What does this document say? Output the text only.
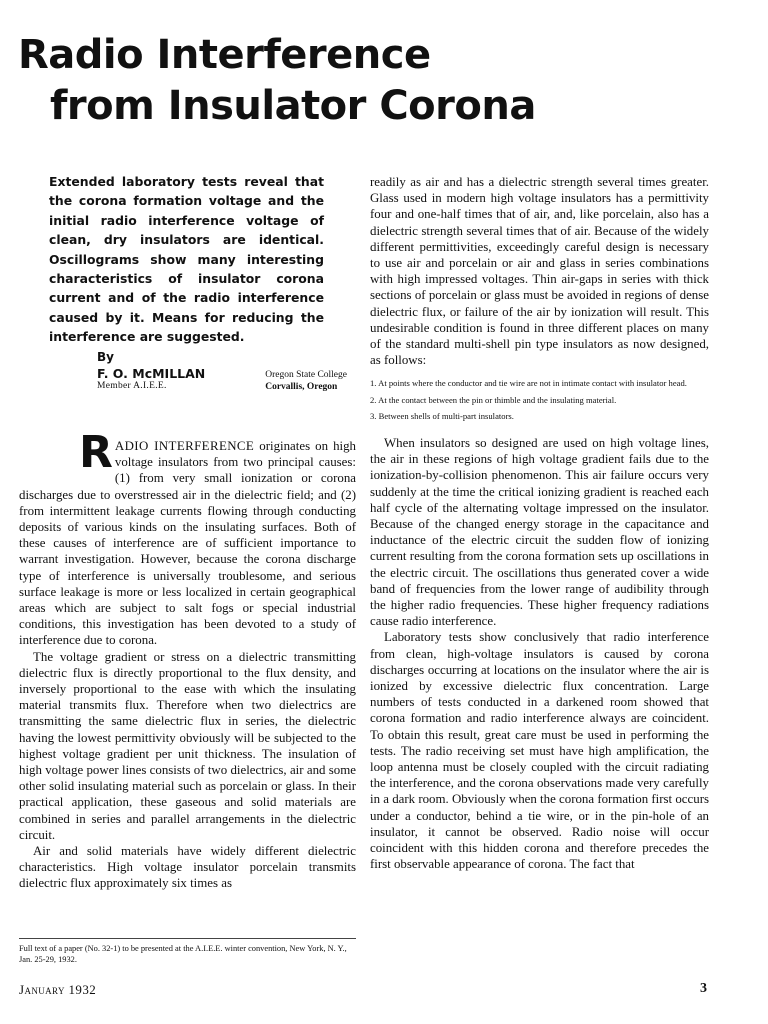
Radio Interference
from Insulator Corona

Extended laboratory tests reveal that the corona formation voltage and the initial radio interference voltage of clean, dry insulators are identical. Oscillograms show many interesting characteristics of insulator corona current and of the radio interference caused by it. Means for reducing the interference are suggested.

By
F. O. McMILLAN
Member A.I.E.E.
Oregon State College
Corvallis, Oregon

RADIO INTERFERENCE originates on high voltage insulators from two principal causes: (1) from very small ionization or corona discharges due to overstressed air in the dielectric field; and (2) from intermittent leakage currents flowing through conducting deposits of various kinds on the insulating surfaces. Both of these causes of interference are of sufficient importance to warrant investigation. However, because the corona discharge type of interference is universally troublesome, and serious surface leakage is more or less localized in certain geographical areas which are subject to salt fogs or special industrial conditions, this investigation has been devoted to a study of interference due to corona.

The voltage gradient or stress on a dielectric transmitting dielectric flux is directly proportional to the flux density, and inversely proportional to the ease with which the insulating material transmits flux. Therefore when two dielectrics are transmitting the same dielectric flux in series, the dielectric having the lowest permittivity obviously will be subjected to the highest voltage gradient per unit thickness. The insulation of high voltage power lines consists of two dielectrics, air and some other solid insulating material such as porcelain or glass. In their practical application, these gaseous and solid materials are combined in series and parallel arrangements in the dielectric circuit.

Air and solid materials have widely different dielectric characteristics. High voltage insulator porcelain transmits dielectric flux approximately six times as

readily as air and has a dielectric strength several times greater. Glass used in modern high voltage insulators has a permittivity four and one-half times that of air, and, like porcelain, also has a dielectric strength several times that of air. Because of the widely different permittivities, exceedingly careful design is necessary to use air and porcelain or air and glass in series combinations with high impressed voltages. Thin air-gaps in series with thick sections of porcelain or glass must be avoided in regions of dense dielectric flux, or failure of the air by ionization will result. This undesirable condition is found in three different places on many of the standard multi-shell pin type insulators as now designed, as follows:

1. At points where the conductor and tie wire are not in intimate contact with insulator head.
2. At the contact between the pin or thimble and the insulating material.
3. Between shells of multi-part insulators.

When insulators so designed are used on high voltage lines, the air in these regions of high voltage gradient fails due to the ionization-by-collision phenomenon. This air failure occurs very suddenly at the time the critical ionizing gradient is reached each half cycle of the alternating voltage impressed on the insulator. Because of the changed energy storage in the capacitance and inductance of the electric circuit the sudden flow of ionizing current resulting from the corona formation sets up oscillations in the electric circuit. The oscillations thus generated cover a wide band of frequencies from the lower range of audibility through the higher radio frequencies. These higher frequency radiations cause radio interference.

Laboratory tests show conclusively that radio interference from clean, high-voltage insulators is caused by corona discharges occurring at locations on the insulator where the air is ionized by excessive dielectric flux concentration. Large numbers of tests conducted in a darkened room showed that corona formation and radio interference always are coincident. To obtain this result, great care must be used in performing the tests. The radio receiving set must have high amplification, the loop antenna must be closely coupled with the circuit radiating the interference, and the corona observations made very carefully in a dark room. Obviously when the corona formation first occurs under a conductor, behind a tie wire, or in the pin-hole of an insulator, it cannot be observed. Radio noise will occur coincident with this hidden corona and therefore precedes the first observable appearance of corona. The fact that

Full text of a paper (No. 32-1) to be presented at the A.I.E.E. winter convention, New York, N. Y., Jan. 25-29, 1932.
January 1932	3
